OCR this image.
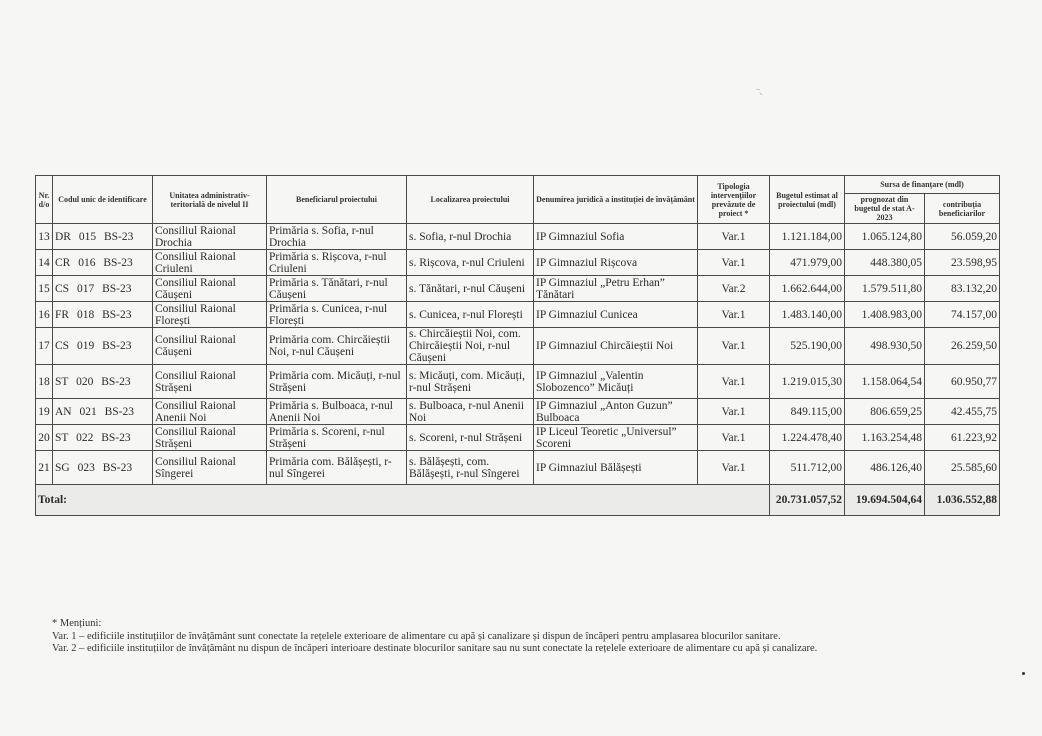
˙ˆ◟
Nr. d/o	Codul unic de identificare	Unitatea administrativ-teritorială de nivelul II	Beneficiarul proiectului	Localizarea proiectului	Denumirea juridică a instituției de învățământ	Tipologia intervențiilor prevăzute de proiect *	Bugetul estimat al proiectului (mdl)	Sursa de finanțare (mdl)	
								prognozat din bugetul de stat A-2023	contribuția beneficiarilor
13	DR 015 BS-23	Consiliul Raional Drochia	Primăria s. Sofia, r-nul Drochia	s. Sofia, r-nul Drochia	IP Gimnaziul Sofia	Var.1	1.121.184,00	1.065.124,80	56.059,20
14	CR 016 BS-23	Consiliul Raional Criuleni	Primăria s. Rișcova, r-nul Criuleni	s. Rișcova, r-nul Criuleni	IP Gimnaziul Rișcova	Var.1	471.979,00	448.380,05	23.598,95
15	CS 017 BS-23	Consiliul Raional Căușeni	Primăria s. Tănătari, r-nul Căușeni	s. Tănătari, r-nul Căușeni	IP Gimnaziul „Petru Erhan” Tănătari	Var.2	1.662.644,00	1.579.511,80	83.132,20
16	FR 018 BS-23	Consiliul Raional Florești	Primăria s. Cunicea, r-nul Florești	s. Cunicea, r-nul Florești	IP Gimnaziul Cunicea	Var.1	1.483.140,00	1.408.983,00	74.157,00
17	CS 019 BS-23	Consiliul Raional Căușeni	Primăria com. Chircăieștii Noi, r-nul Căușeni	s. Chircăieștii Noi, com. Chircăieștii Noi, r-nul Căușeni	IP Gimnaziul Chircăieștii Noi	Var.1	525.190,00	498.930,50	26.259,50
18	ST 020 BS-23	Consiliul Raional Strășeni	Primăria com. Micăuți, r-nul Strășeni	s. Micăuți, com. Micăuți, r-nul Strășeni	IP Gimnaziul „Valentin Slobozenco” Micăuți	Var.1	1.219.015,30	1.158.064,54	60.950,77
19	AN 021 BS-23	Consiliul Raional Anenii Noi	Primăria s. Bulboaca, r-nul Anenii Noi	s. Bulboaca, r-nul Anenii Noi	IP Gimnaziul „Anton Guzun” Bulboaca	Var.1	849.115,00	806.659,25	42.455,75
20	ST 022 BS-23	Consiliul Raional Strășeni	Primăria s. Scoreni, r-nul Strășeni	s. Scoreni, r-nul Strășeni	IP Liceul Teoretic „Universul” Scoreni	Var.1	1.224.478,40	1.163.254,48	61.223,92
21	SG 023 BS-23	Consiliul Raional Sîngerei	Primăria com. Bălășești, r-nul Sîngerei	s. Bălășești, com. Bălășești, r-nul Sîngerei	IP Gimnaziul Bălășești	Var.1	511.712,00	486.126,40	25.585,60
Total:							20.731.057,52	19.694.504,64	1.036.552,88
* Mențiuni:
Var. 1 – edificiile instituțiilor de învățământ sunt conectate la rețelele exterioare de alimentare cu apă și canalizare și dispun de încăperi pentru amplasarea blocurilor sanitare.
Var. 2 – edificiile instituțiilor de învățământ nu dispun de încăperi interioare destinate blocurilor sanitare sau nu sunt conectate la rețelele exterioare de alimentare cu apă și canalizare.
